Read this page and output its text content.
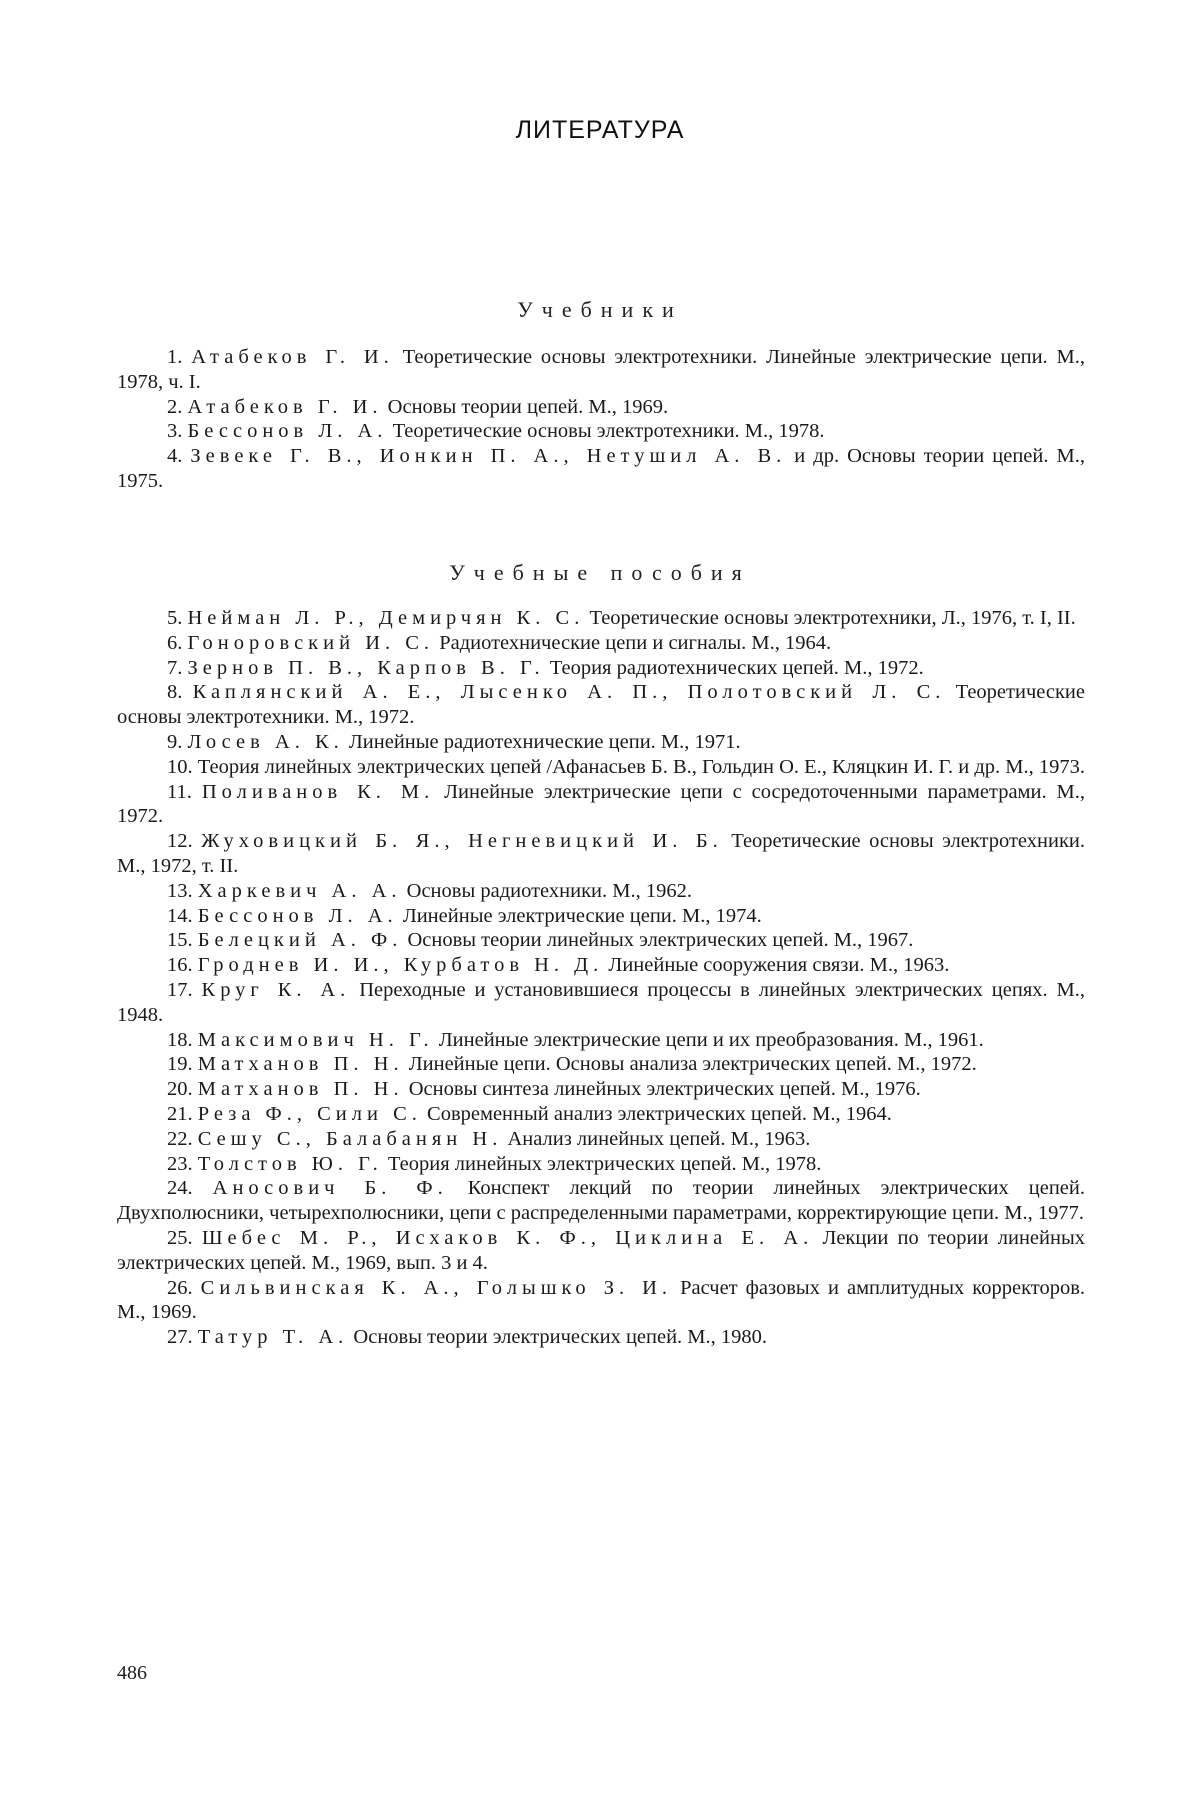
ЛИТЕРАТУРА
Учебники
1. Атабеков Г. И. Теоретические основы электротехники. Линейные электрические цепи. М., 1978, ч. I.
2. Атабеков Г. И. Основы теории цепей. М., 1969.
3. Бессонов Л. А. Теоретические основы электротехники. М., 1978.
4. Зевеке Г. В., Ионкин П. А., Нетушил А. В. и др. Основы теории цепей. М., 1975.
Учебные пособия
5. Нейман Л. Р., Демирчян К. С. Теоретические основы электротехники, Л., 1976, т. I, II.
6. Гоноровский И. С. Радиотехнические цепи и сигналы. М., 1964.
7. Зернов П. В., Карпов В. Г. Теория радиотехнических цепей. М., 1972.
8. Каплянский А. Е., Лысенко А. П., Полотовский Л. С. Теоретические основы электротехники. М., 1972.
9. Лосев А. К. Линейные радиотехнические цепи. М., 1971.
10. Теория линейных электрических цепей /Афанасьев Б. В., Гольдин О. Е., Кляцкин И. Г. и др. М., 1973.
11. Поливанов К. М. Линейные электрические цепи с сосредоточенными параметрами. М., 1972.
12. Жуховицкий Б. Я., Негневицкий И. Б. Теоретические основы электротехники. М., 1972, т. II.
13. Харкевич А. А. Основы радиотехники. М., 1962.
14. Бессонов Л. А. Линейные электрические цепи. М., 1974.
15. Белецкий А. Ф. Основы теории линейных электрических цепей. М., 1967.
16. Гроднев И. И., Курбатов Н. Д. Линейные сооружения связи. М., 1963.
17. Круг К. А. Переходные и установившиеся процессы в линейных электрических цепях. М., 1948.
18. Максимович Н. Г. Линейные электрические цепи и их преобразования. М., 1961.
19. Матханов П. Н. Линейные цепи. Основы анализа электрических цепей. М., 1972.
20. Матханов П. Н. Основы синтеза линейных электрических цепей. М., 1976.
21. Реза Ф., Сили С. Современный анализ электрических цепей. М., 1964.
22. Сешу С., Балабанян Н. Анализ линейных цепей. М., 1963.
23. Толстов Ю. Г. Теория линейных электрических цепей. М., 1978.
24. Аносович Б. Ф. Конспект лекций по теории линейных электрических цепей. Двухполюсники, четырехполюсники, цепи с распределенными параметрами, корректирующие цепи. М., 1977.
25. Шебес М. Р., Исхаков К. Ф., Циклина Е. А. Лекции по теории линейных электрических цепей. М., 1969, вып. 3 и 4.
26. Сильвинская К. А., Голышко З. И. Расчет фазовых и амплитудных корректоров. М., 1969.
27. Татур Т. А. Основы теории электрических цепей. М., 1980.
486
